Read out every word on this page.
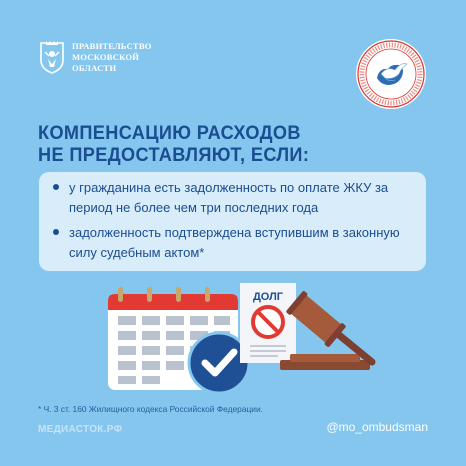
ПРАВИТЕЛЬСТВО
МОСКОВСКОЙ
ОБЛАСТИ
КОМПЕНСАЦИЮ РАСХОДОВ
НЕ ПРЕДОСТАВЛЯЮТ, ЕСЛИ:
у гражданина есть задолженность по оплате ЖКУ за период не более чем три последних года
задолженность подтверждена вступившим в законную силу судебным актом*
ДОЛГ
* Ч. 3 ст. 160 Жилищного кодекса Российской Федерации.
МЕДИАСТОК.РФ	@mo_ombudsman
